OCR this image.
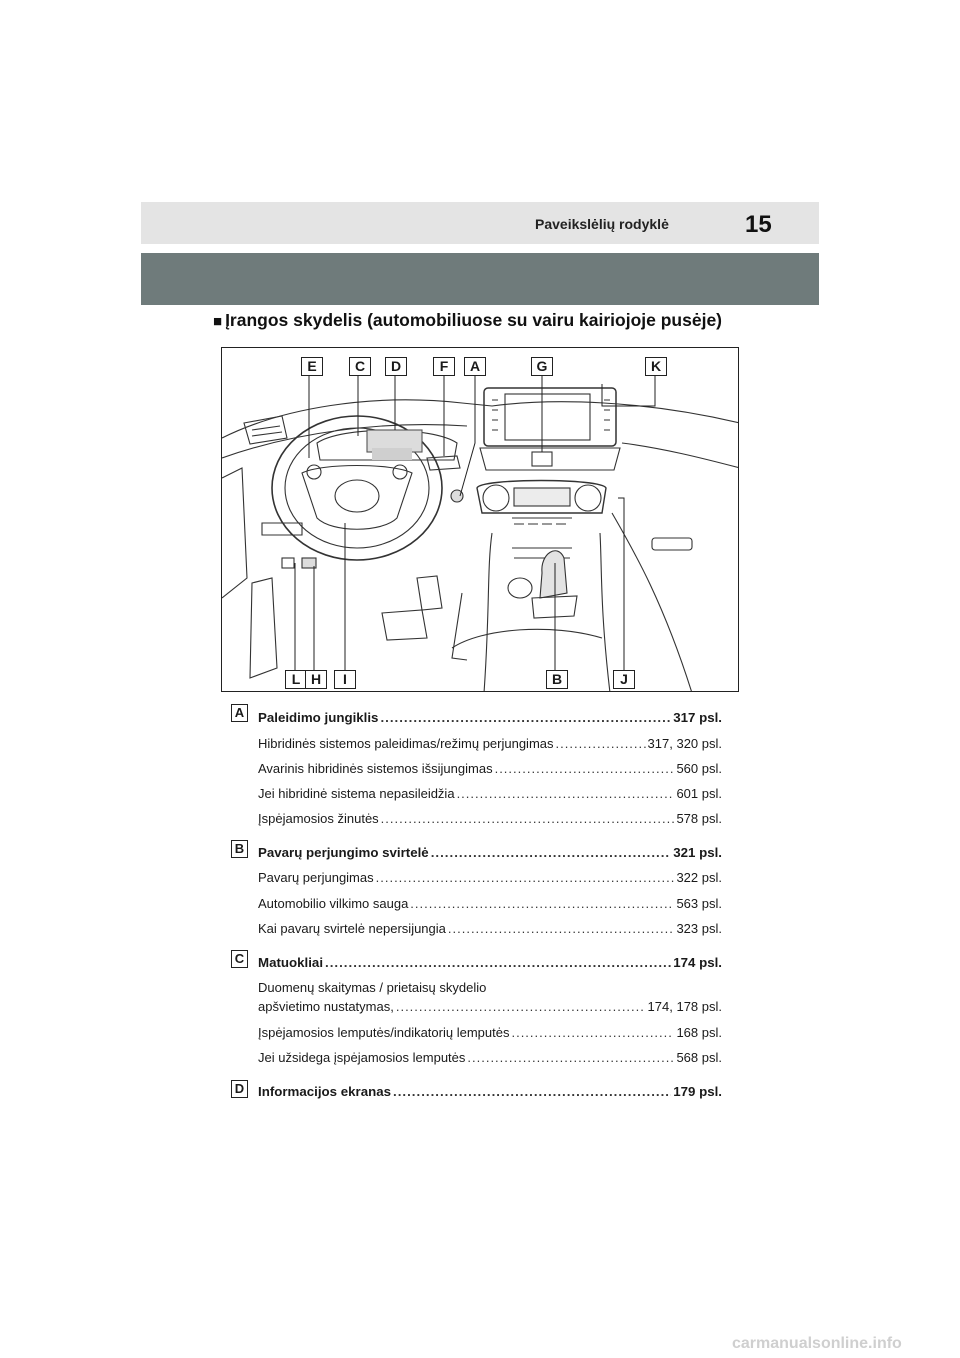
Paveikslėlių rodyklė	15
■ Įrangos skydelis (automobiliuose su vairu kairiojoje pusėje)
E	C	D	F	A	G	K
L H	I	B	J
A
B
C
D
Paleidimo jungiklis .....	317 psl.
Hibridinės sistemos paleidimas/režimų perjungimas .....	317, 320 psl.
Avarinis hibridinės sistemos išsijungimas .....	560 psl.
Jei hibridinė sistema nepasileidžia .....	601 psl.
Įspėjamosios žinutės .....	578 psl.
Pavarų perjungimo svirtelė .....	321 psl.
Pavarų perjungimas .....	322 psl.
Automobilio vilkimo sauga .....	563 psl.
Kai pavarų svirtelė nepersijungia .....	323 psl.
Matuokliai .....	174 psl.
Duomenų skaitymas / prietaisų skydelio
apšvietimo nustatymas, .....	174, 178 psl.
Įspėjamosios lemputės/indikatorių lemputės .....	168 psl.
Jei užsidega įspėjamosios lemputės .....	568 psl.
Informacijos ekranas .....	179 psl.
carmanualsonline.info
